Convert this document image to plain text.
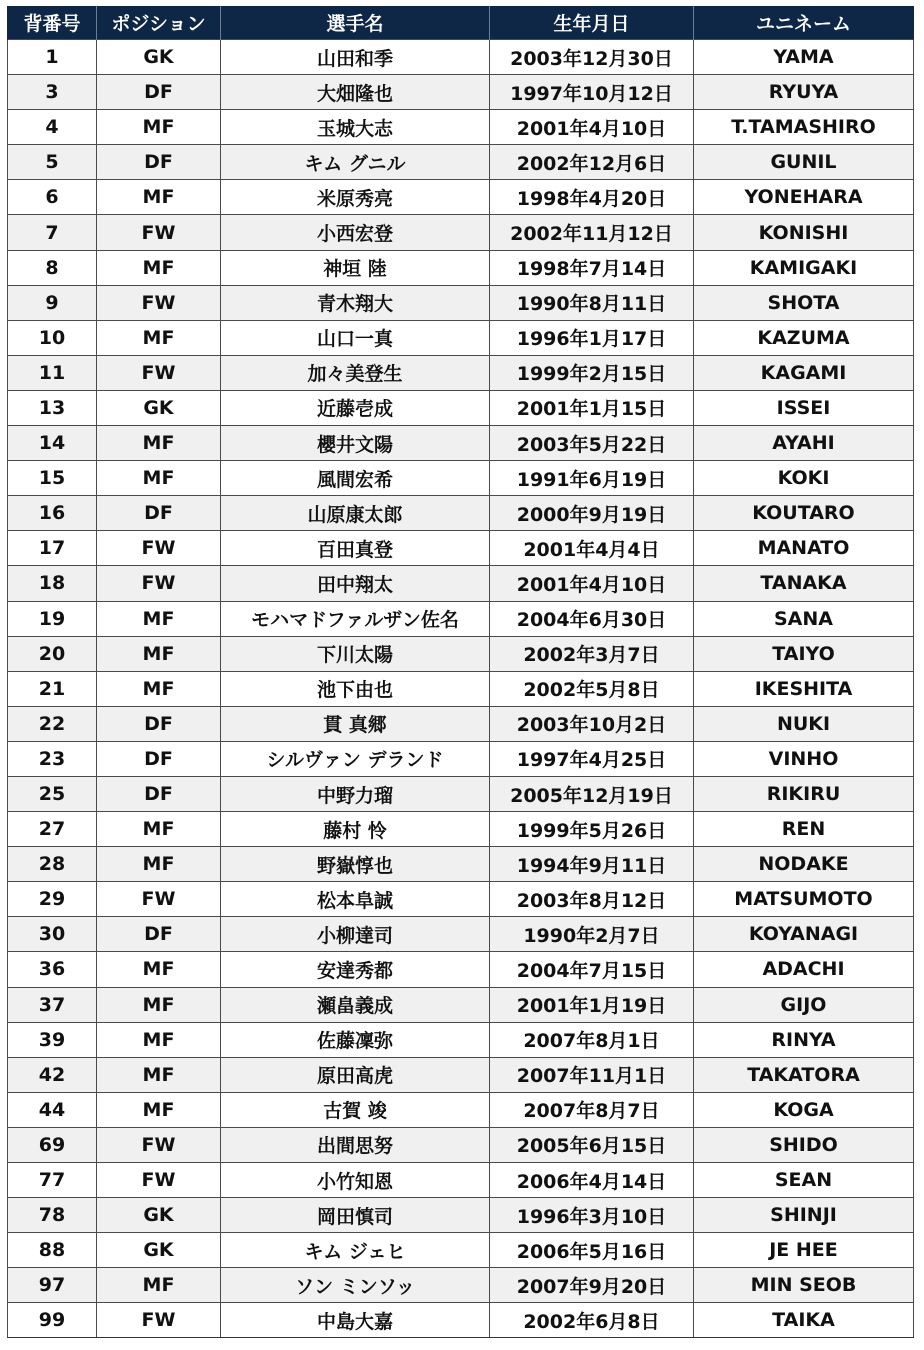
背番号	ポジション	選手名	生年月日	ユニネーム
1	GK	山田和季	2003年12月30日	YAMA
3	DF	大畑隆也	1997年10月12日	RYUYA
4	MF	玉城大志	2001年4月10日	T.TAMASHIRO
5	DF	キム グニル	2002年12月6日	GUNIL
6	MF	米原秀亮	1998年4月20日	YONEHARA
7	FW	小西宏登	2002年11月12日	KONISHI
8	MF	神垣 陸	1998年7月14日	KAMIGAKI
9	FW	青木翔大	1990年8月11日	SHOTA
10	MF	山口一真	1996年1月17日	KAZUMA
11	FW	加々美登生	1999年2月15日	KAGAMI
13	GK	近藤壱成	2001年1月15日	ISSEI
14	MF	櫻井文陽	2003年5月22日	AYAHI
15	MF	風間宏希	1991年6月19日	KOKI
16	DF	山原康太郎	2000年9月19日	KOUTARO
17	FW	百田真登	2001年4月4日	MANATO
18	FW	田中翔太	2001年4月10日	TANAKA
19	MF	モハマドファルザン佐名	2004年6月30日	SANA
20	MF	下川太陽	2002年3月7日	TAIYO
21	MF	池下由也	2002年5月8日	IKESHITA
22	DF	貫 真郷	2003年10月2日	NUKI
23	DF	シルヴァン デランド	1997年4月25日	VINHO
25	DF	中野力瑠	2005年12月19日	RIKIRU
27	MF	藤村 怜	1999年5月26日	REN
28	MF	野嶽惇也	1994年9月11日	NODAKE
29	FW	松本阜誠	2003年8月12日	MATSUMOTO
30	DF	小柳達司	1990年2月7日	KOYANAGI
36	MF	安達秀都	2004年7月15日	ADACHI
37	MF	瀬畠義成	2001年1月19日	GIJO
39	MF	佐藤凜弥	2007年8月1日	RINYA
42	MF	原田高虎	2007年11月1日	TAKATORA
44	MF	古賀 竣	2007年8月7日	KOGA
69	FW	出間思努	2005年6月15日	SHIDO
77	FW	小竹知恩	2006年4月14日	SEAN
78	GK	岡田慎司	1996年3月10日	SHINJI
88	GK	キム ジェヒ	2006年5月16日	JE HEE
97	MF	ソン ミンソッ	2007年9月20日	MIN SEOB
99	FW	中島大嘉	2002年6月8日	TAIKA
